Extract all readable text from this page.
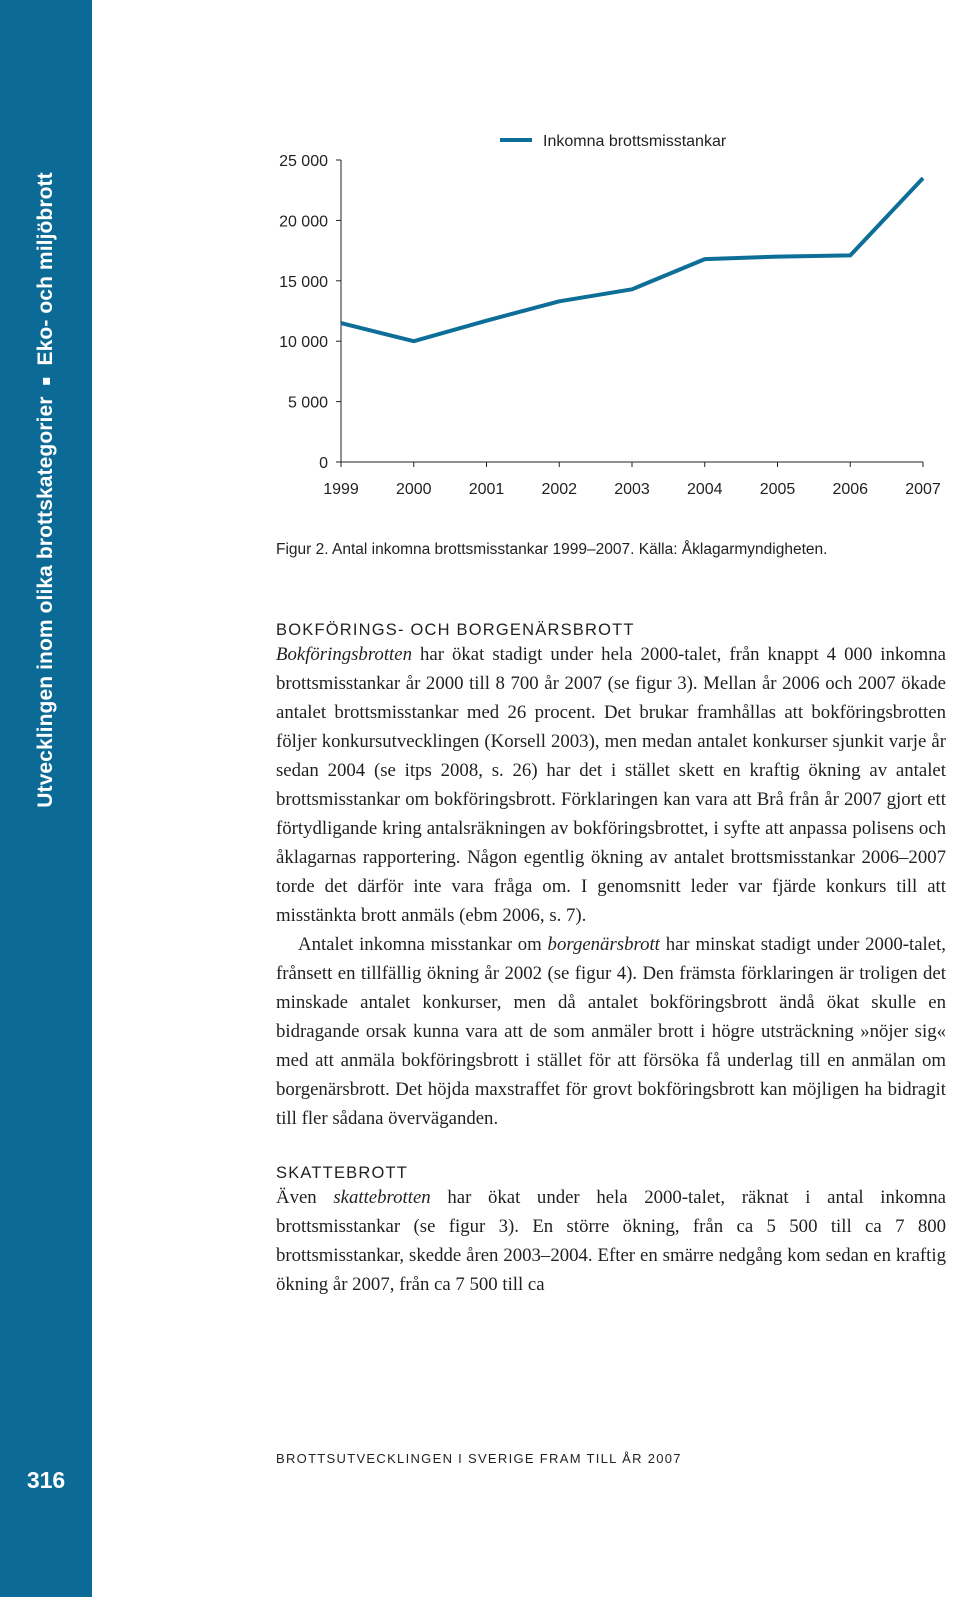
Utvecklingen inom olika brottskategorierEko- och miljöbrott
316
0
5 000
10 000
15 000
20 000
25 000
1999 2000 2001 2002 2003 2004 2005 2006 2007
Inkomna brottsmisstankar
Figur 2. Antal inkomna brottsmisstankar 1999–2007. Källa: Åklagarmyndigheten.

BOKFÖRINGS- OCH BORGENÄRSBROTT

Bokföringsbrotten har ökat stadigt under hela 2000-talet, från knappt 4 000 inkomna brottsmisstankar år 2000 till 8 700 år 2007 (se figur 3). Mellan år 2006 och 2007 ökade antalet brottsmisstankar med 26 procent. Det brukar framhållas att bokföringsbrotten följer konkursutvecklingen (Korsell 2003), men medan antalet konkurser sjunkit varje år sedan 2004 (se itps 2008, s. 26) har det i stället skett en kraftig ökning av antalet brottsmisstankar om bokföringsbrott. Förklaringen kan vara att Brå från år 2007 gjort ett förtydligande kring antalsräkningen av bokföringsbrottet, i syfte att anpassa polisens och åklagarnas rapportering. Någon egentlig ökning av antalet brottsmisstankar 2006–2007 torde det därför inte vara fråga om. I genomsnitt leder var fjärde konkurs till att misstänkta brott anmäls (ebm 2006, s. 7).

Antalet inkomna misstankar om borgenärsbrott har minskat stadigt under 2000-talet, frånsett en tillfällig ökning år 2002 (se figur 4). Den främsta förklaringen är troligen det minskade antalet konkurser, men då antalet bokföringsbrott ändå ökat skulle en bidragande orsak kunna vara att de som anmäler brott i högre utsträckning »nöjer sig« med att anmäla bokföringsbrott i stället för att försöka få underlag till en anmälan om borgenärsbrott. Det höjda maxstraffet för grovt bokföringsbrott kan möjligen ha bidragit till fler sådana överväganden.

SKATTEBROTT

Även skattebrotten har ökat under hela 2000-talet, räknat i antal inkomna brottsmisstankar (se figur 3). En större ökning, från ca 5 500 till ca 7 800 brottsmisstankar, skedde åren 2003–2004. Efter en smärre nedgång kom sedan en kraftig ökning år 2007, från ca 7 500 till ca

BROTTSUTVECKLINGEN I SVERIGE FRAM TILL ÅR 2007
